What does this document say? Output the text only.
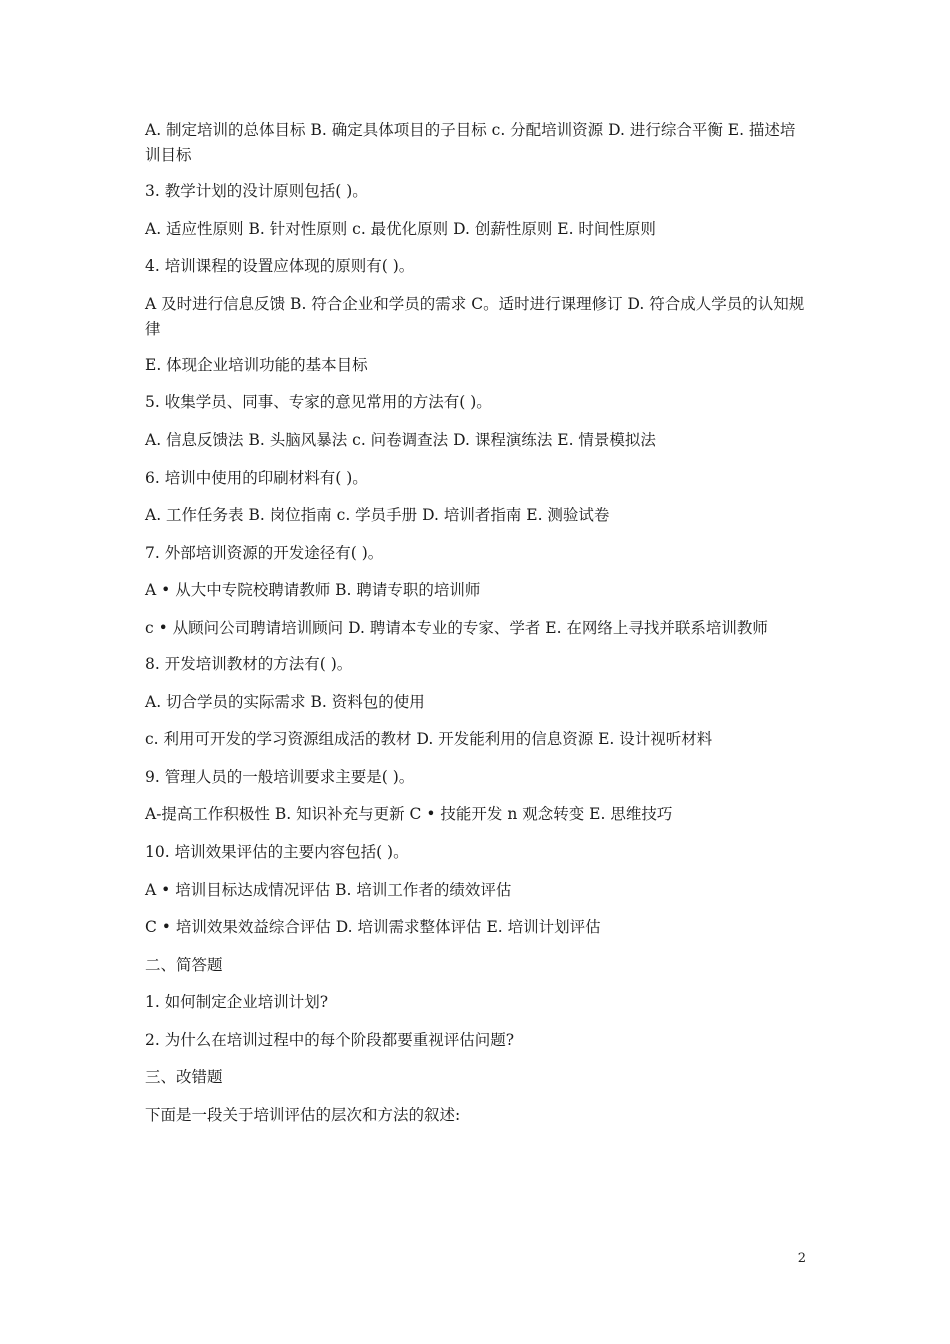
A. 制定培训的总体目标 B. 确定具体项目的子目标 c. 分配培训资源 D. 进行综合平衡 E. 描述培训目标

3. 教学计划的没计原则包括( )。

A. 适应性原则 B. 针对性原则 c. 最优化原则 D. 创薪性原则 E. 时间性原则

4. 培训课程的设置应体现的原则有( )。

A 及时进行信息反馈 B. 符合企业和学员的需求 C。适时进行课理修订 D. 符合成人学员的认知规律

E. 体现企业培训功能的基本目标

5. 收集学员、同事、专家的意见常用的方法有( )。

A. 信息反馈法 B. 头脑风暴法 c. 问卷调查法 D. 课程演练法 E. 情景模拟法

6. 培训中使用的印刷材料有( )。

A. 工作任务表 B. 岗位指南 c. 学员手册 D. 培训者指南 E. 测验试卷

7. 外部培训资源的开发途径有( )。

A • 从大中专院校聘请教师 B. 聘请专职的培训师

c • 从顾问公司聘请培训顾问 D. 聘请本专业的专家、学者 E. 在网络上寻找并联系培训教师

8. 开发培训教材的方法有( )。

A. 切合学员的实际需求 B. 资料包的使用

c. 利用可开发的学习资源组成活的教材 D. 开发能利用的信息资源 E. 设计视听材料

9. 管理人员的一般培训要求主要是( )。

A-提高工作积极性 B. 知识补充与更新 C • 技能开发 n 观念转变 E. 思维技巧

10. 培训效果评估的主要内容包括( )。

A • 培训目标达成情况评估 B. 培训工作者的绩效评估

C • 培训效果效益综合评估 D. 培训需求整体评估 E. 培训计划评估

二、简答题

1. 如何制定企业培训计划?

2. 为什么在培训过程中的每个阶段都要重视评估问题?

三、改错题

下面是一段关于培训评估的层次和方法的叙述:

2
